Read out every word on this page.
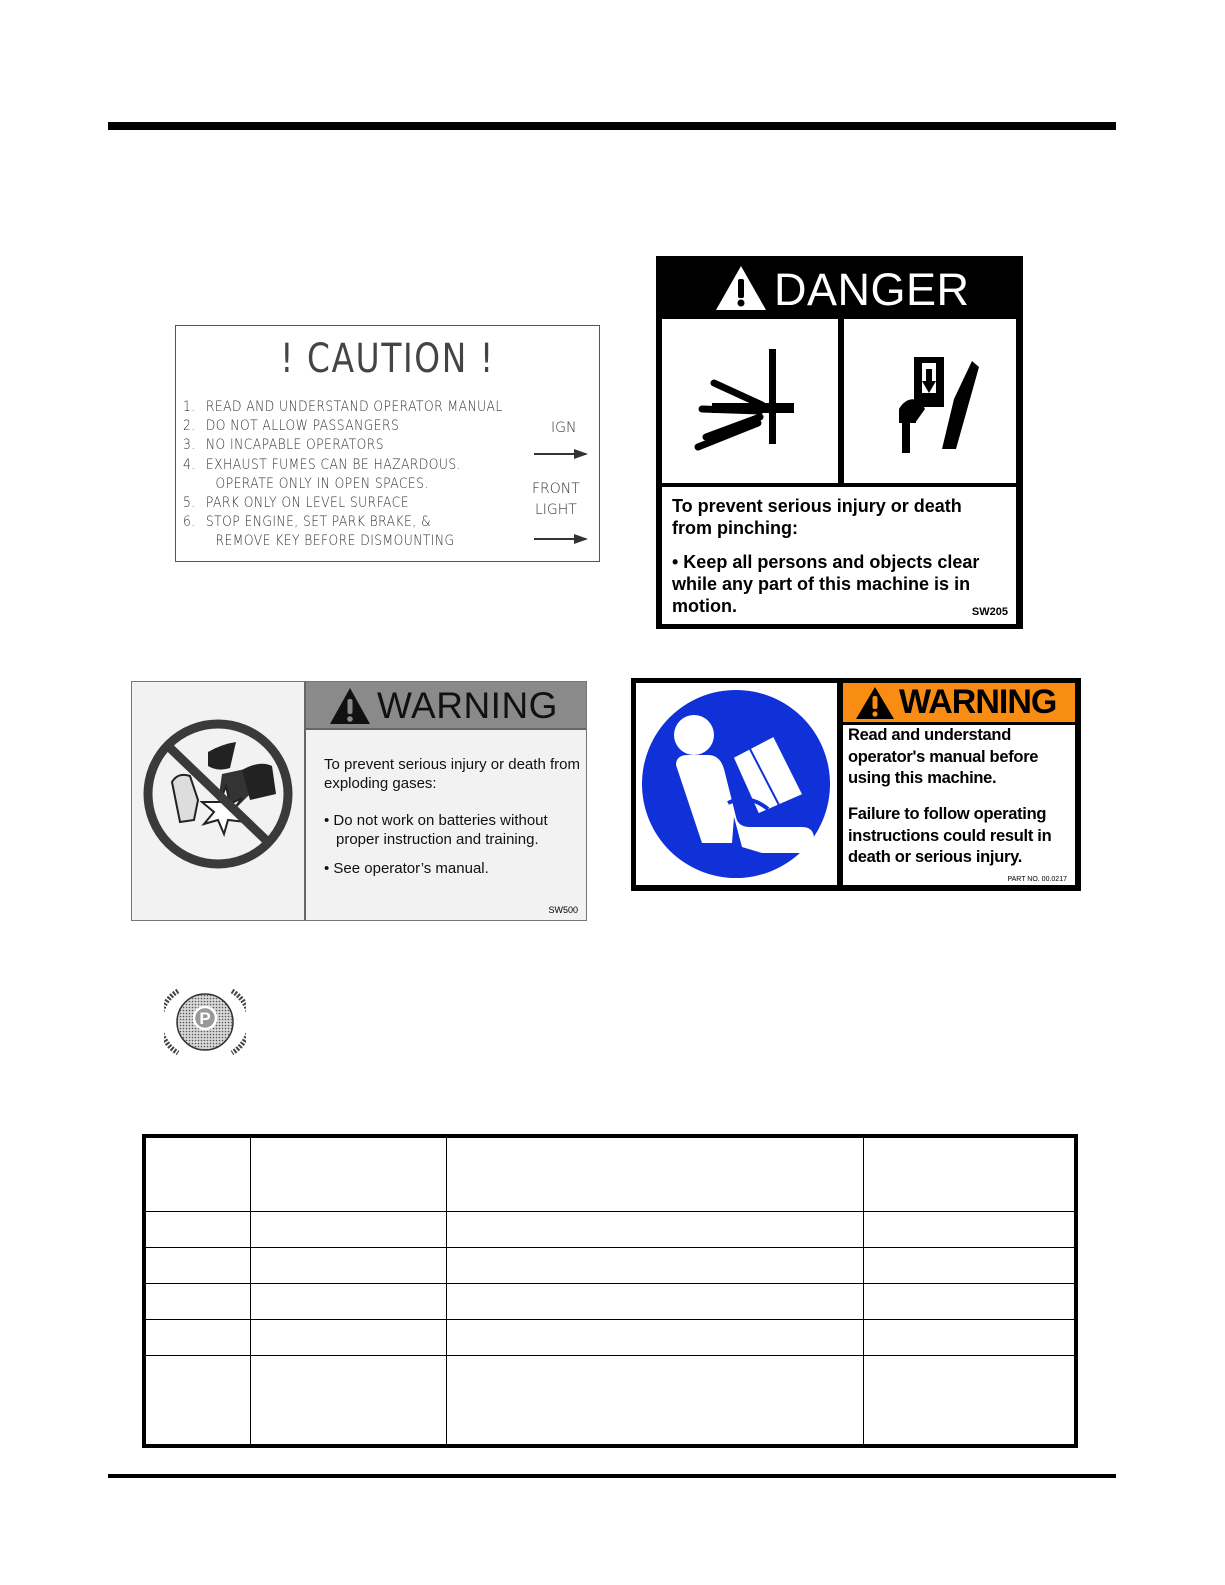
! CAUTION !
1. READ AND UNDERSTAND OPERATOR MANUAL
2. DO NOT ALLOW PASSANGERS
3. NO INCAPABLE OPERATORS
4. EXHAUST FUMES CAN BE HAZARDOUS.
OPERATE ONLY IN OPEN SPACES.
5. PARK ONLY ON LEVEL SURFACE
6. STOP ENGINE, SET PARK BRAKE, &
REMOVE KEY BEFORE DISMOUNTING
IGN
FRONT
LIGHT
DANGER
To prevent serious injury or death from pinching:
• Keep all persons and objects clear while any part of this machine is in motion.	SW205
WARNING
To prevent serious injury or death from exploding gases:
• Do not work on batteries without proper instruction and training.
• See operator’s manual.
SW500
WARNING
Read and understand operator's manual before using this machine.
Failure to follow operating instructions could result in death or serious injury.
PART NO. 00.0217
P
